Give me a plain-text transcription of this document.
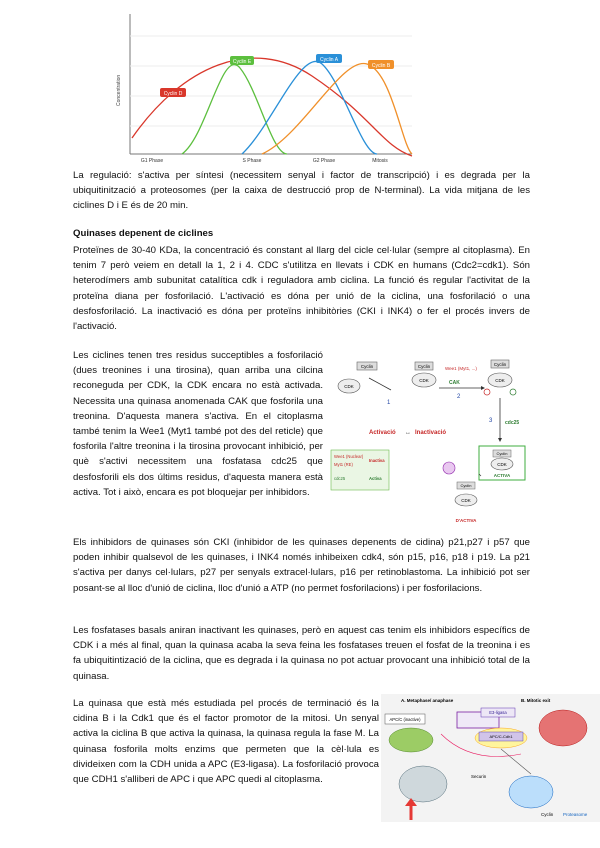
Concentration	Cyclin D
Cyclin E	Cyclin A
Cyclin B
G1 Phase	S Phase	G2 Phase	Mitosis

La regulació: s'activa per síntesi (necessitem senyal i factor de transcripció) i es degrada per la ubiquitinització a proteosomes (per la caixa de destrucció prop de N-terminal). La vida mitjana de les ciclines D i E és de 20 min.

Quinases depenent de ciclines

Proteïnes de 30-40 KDa, la concentració és constant al llarg del cicle cel·lular (sempre al citoplasma). En tenim 7 però veiem en detall la 1, 2 i 4. CDC s'utilitza en llevats i CDK en humans (Cdc2=cdk1). Són heterodímers amb subunitat catalítica cdk i reguladora amb ciclina. La funció és regular l'activitat de la proteïna diana per fosforilació. L'activació es dóna per unió de la ciclina, una fosforilació o una desfosforilació. La inactivació es dóna per proteïns inhibitòries (CKI i INK4) o fer el procés invers de l'activació.

Les ciclines tenen tres residus succeptibles a fosforilació (dues treonines i una tirosina), quan arriba una cilcina reconeguda per CDK, la CDK encara no està activada. Necessita una quinasa anomenada CAK que fosforila una treonina. D'aquesta manera s'activa. En el citoplasma també tenim la Wee1 (Myt1 també pot des del reticle) que fosforila l'altre treonina i la tirosina provocant inhibició, per què s'activi necessitem una fosfatasa cdc25 que desfosforili els dos últims residus, d'aquesta manera està activa. Tot i això, encara es pot bloquejar per inhibidors.

Cyclin
CDK
1
Cyclin
CDK
Wee1 (Myt1, ...)
CAK
2
Cyclin
CDK
3	cdc25
Activació ↔ Inactivació
Cyclin
CDK
ACTIVA
Wee1 (Nuclear)
Myt1 (RE)
Inactiva
cdc25	Activa
Cyclin
CDK
D'ACTIVA

Els inhibidors de quinases són CKI (inhibidor de les quinases depenents de cidina) p21,p27 i p57 que poden inhibir qualsevol de les quinases, i INK4 només inhibeixen cdk4, són p15, p16, p18 i p19. La p21 s'activa per danys cel·lulars, p27 per senyals extracel·lulars, p16 per retinoblastoma. La inhibició pot ser posant-se al lloc d'unió de ciclina, lloc d'unió a ATP (no permet fosforilacions) i per fosforilacions.

Les fosfatases basals aniran inactivant les quinases, però en aquest cas tenim els inhibidors específics de CDK i a més al final, quan la quinasa acaba la seva feina les fosfatases treuen el fosfat de la treonina i es fa ubiquitintizació de la ciclina, que es degrada i la quinasa no pot actuar provocant una inhibició total de la quinasa.

La quinasa que està més estudiada pel procés de terminació és la cidina B i la Cdk1 que és el factor promotor de la mitosi. Un senyal activa la ciclina B que activa la quinasa, la quinasa regula la fase M. La quinasa fosforila molts enzims que permeten que la cèl·lula es divideixen com la CDH unida a APC (E3-ligasa). La fosforilació provoca que CDH1 s'alliberi de APC i que APC quedi al citoplasma.

A. Metaphase/ anaphase	B. Mitotic exit
APC/C (inactive)
E3-ligasa
APC/C-Cdh1
Securin
Cyclin Proteasome
